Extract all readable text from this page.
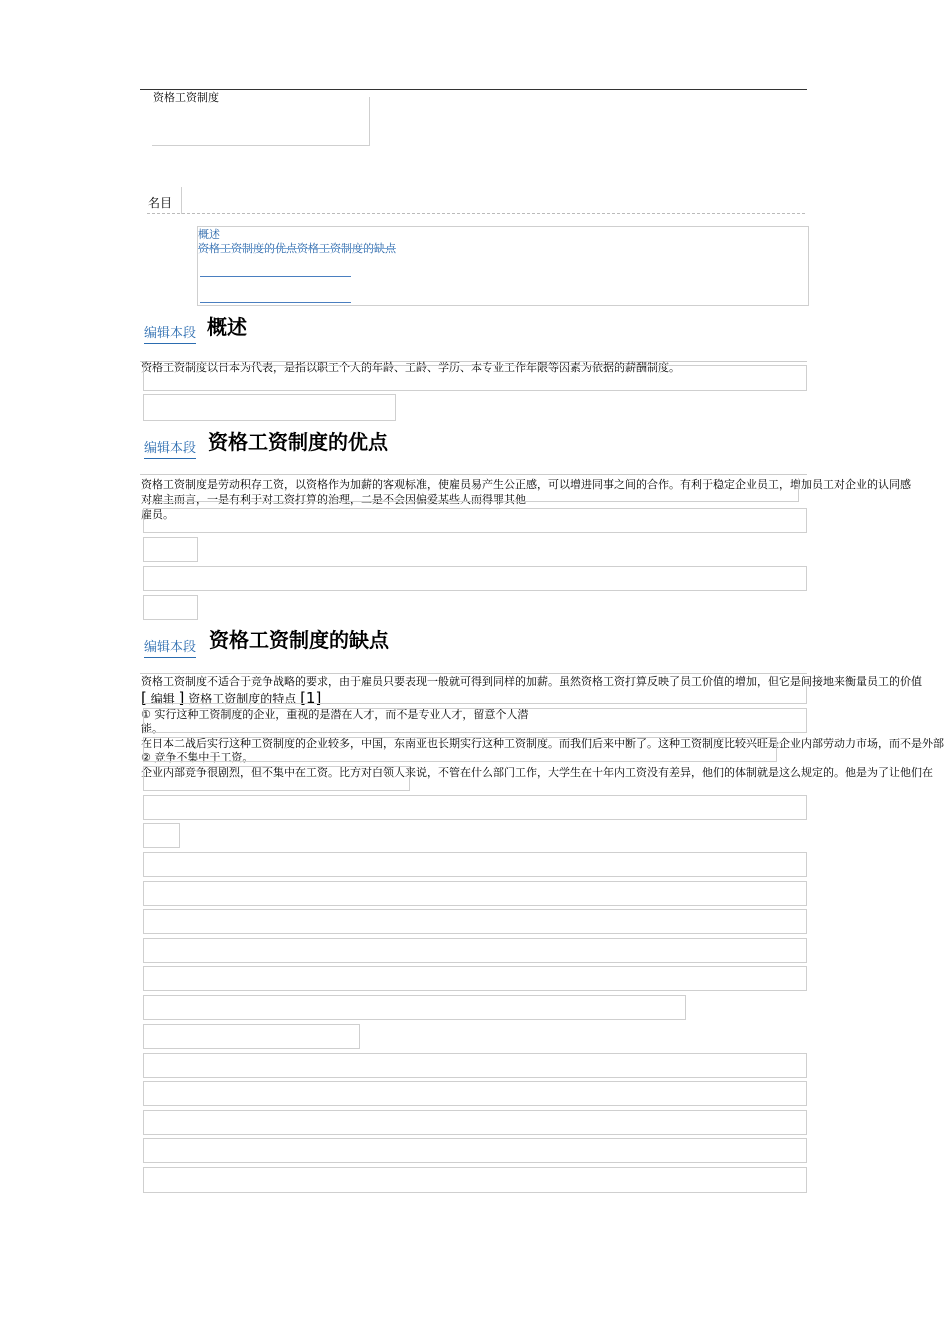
资格工资制度
名目
概述
资格工资制度的优点资格工资制度的缺点
编辑本段 概述
资格工资制度以日本为代表，是指以职工个人的年龄、工龄、学历、本专业工作年限等因素为依据的薪酬制度。
编辑本段 资格工资制度的优点
资格工资制度是劳动积存工资，以资格作为加薪的客观标准，使雇员易产生公正感，可以增进同事之间的合作。有利于稳定企业员工，增加员工对企业的认同感
对雇主而言，一是有利于对工资打算的治理，二是不会因偏爱某些人而得罪其他
雇员。
编辑本段 资格工资制度的缺点
资格工资制度不适合于竞争战略的要求，由于雇员只要表现一般就可得到同样的加薪。虽然资格工资打算反映了员工价值的增加，但它是间接地来衡量员工的价值
[ 编辑 ] 资格工资制度的特点 [1]
① 实行这种工资制度的企业，重视的是潜在人才，而不是专业人才，留意个人潜
能。
在日本二战后实行这种工资制度的企业较多，中国，东南亚也长期实行这种工资制度。而我们后来中断了。这种工资制度比较兴旺是企业内部劳动力市场，而不是外部
② 竞争不集中于工资。
企业内部竞争很剧烈，但不集中在工资。比方对白领人来说，不管在什么部门工作，大学生在十年内工资没有差异，他们的体制就是这么规定的。他是为了让他们在
